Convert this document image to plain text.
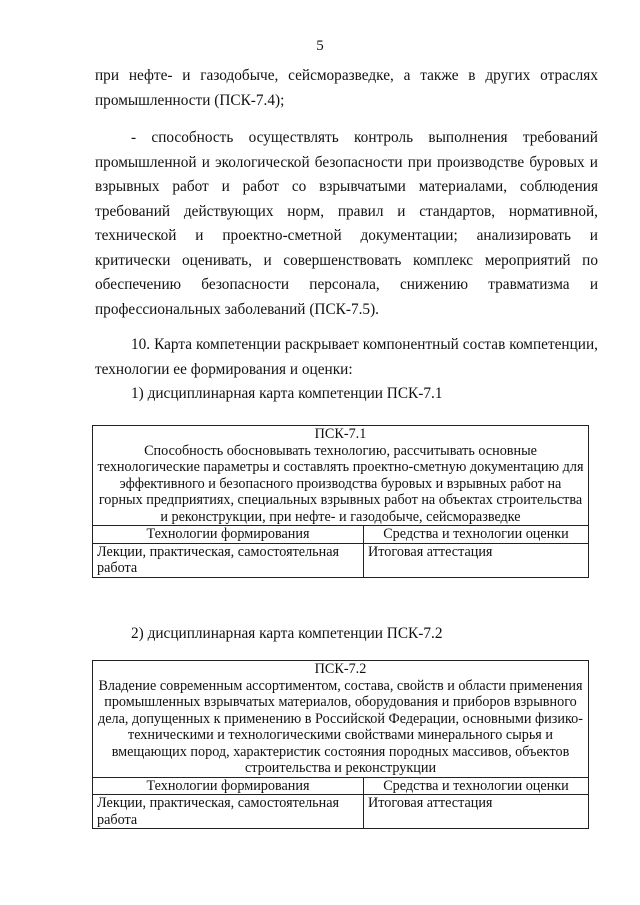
5
при нефте- и газодобыче, сейсморазведке, а также в других отраслях промышленности (ПСК-7.4);
- способность осуществлять контроль выполнения требований промышленной и экологической безопасности при производстве буровых и взрывных работ и работ со взрывчатыми материалами, соблюдения требований действующих норм, правил и стандартов, нормативной, технической и проектно-сметной документации; анализировать и критически оценивать, и совершенствовать комплекс мероприятий по обеспечению безопасности персонала, снижению травматизма и профессиональных заболеваний (ПСК-7.5).
10. Карта компетенции раскрывает компонентный состав компетенции, технологии ее формирования и оценки:
1) дисциплинарная карта компетенции ПСК-7.1
ПСК-7.1
Способность обосновывать технологию, рассчитывать основные технологические параметры и составлять проектно-сметную документацию для эффективного и безопасного производства буровых и взрывных работ на горных предприятиях, специальных взрывных работ на объектах строительства и реконструкции, при нефте- и газодобыче, сейсморазведке	

Технологии формирования	Средства и технологии оценки
Лекции, практическая, самостоятельная работа	Итоговая аттестация
2) дисциплинарная карта компетенции ПСК-7.2
ПСК-7.2
Владение современным ассортиментом, состава, свойств и области применения промышленных взрывчатых материалов, оборудования и приборов взрывного дела, допущенных к применению в Российской Федерации, основными физико-техническими и технологическими свойствами минерального сырья и вмещающих пород, характеристик состояния породных массивов, объектов строительства и реконструкции	

Технологии формирования	Средства и технологии оценки
Лекции, практическая, самостоятельная работа	Итоговая аттестация
